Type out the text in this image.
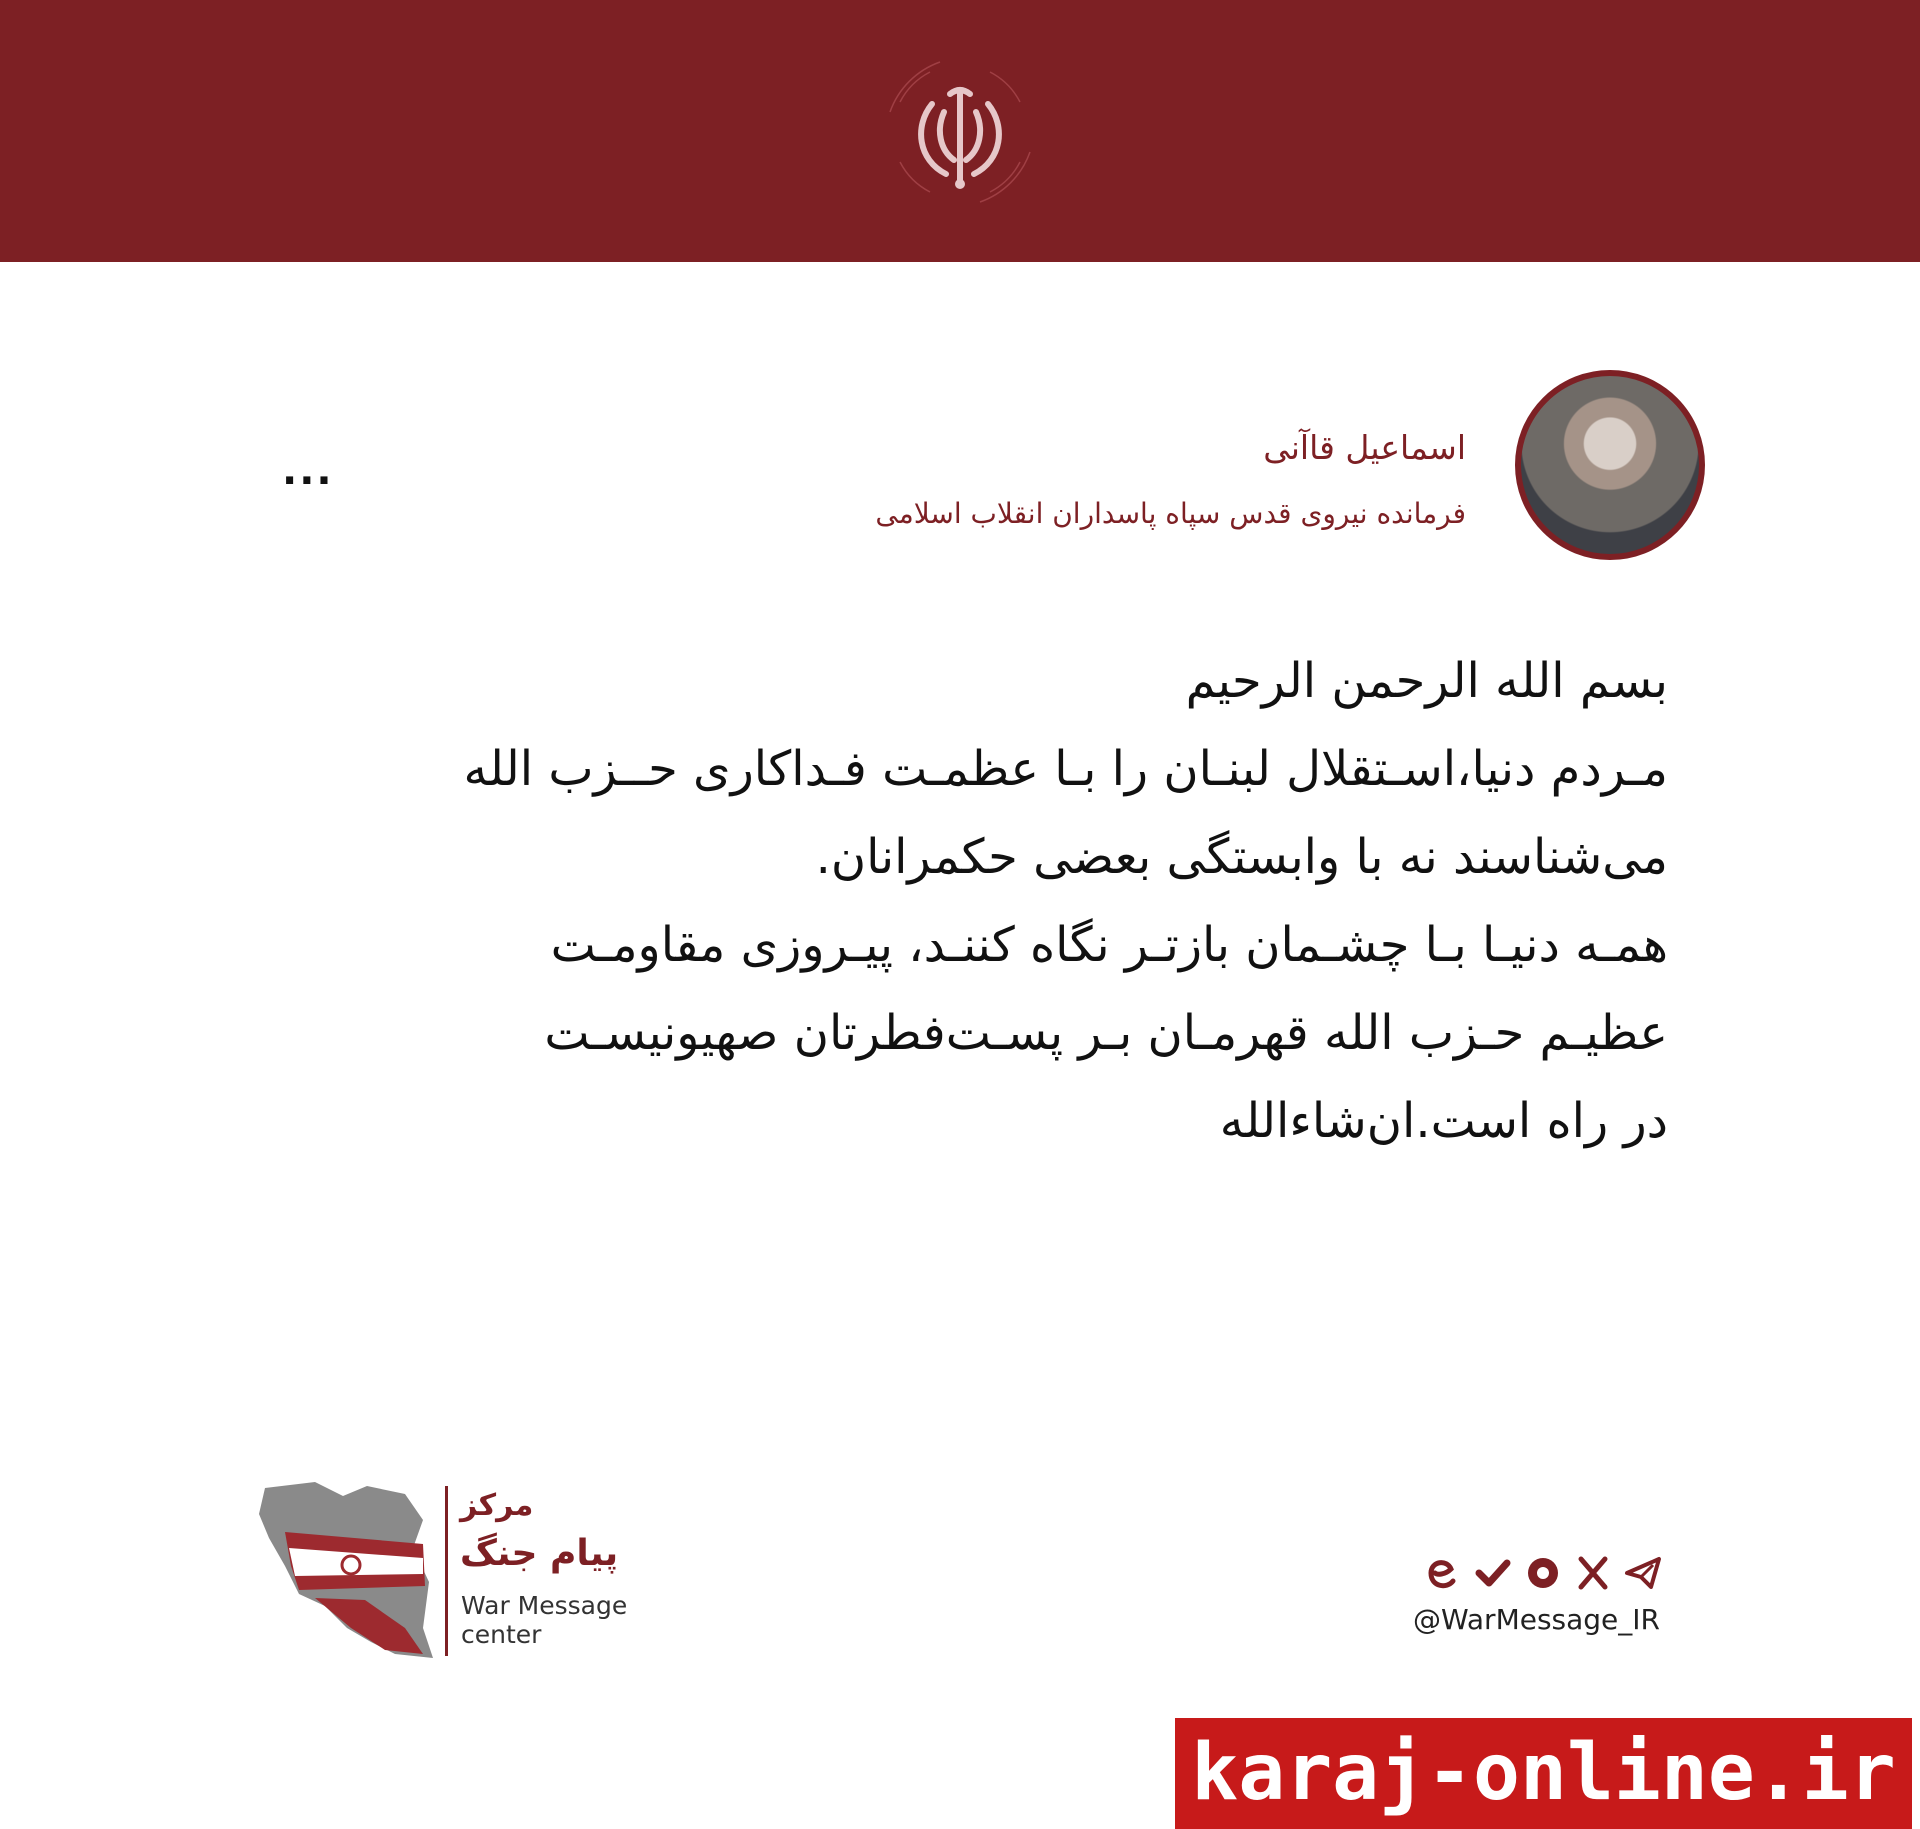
اسماعیل قاآنی
فرمانده نیروی قدس سپاه پاسداران انقلاب اسلامی
...
بسم الله الرحمن الرحیم
مـردم دنیا،اسـتقلال لبنـان را بـا عظمـت فـداکاری حــزب الله
می‌شناسند نه با وابستگی بعضی حکمرانان.
همـه دنیـا بـا چشـمان بازتـر نگاه کننـد، پیـروزی مقاومـت
عظیـم حـزب الله قهرمـان بـر پسـت‌فطرتان صهیونیسـت
در راه است.ان‌شاءالله
مرکز
پیام جنگ
War Message
center	@WarMessage_IR
karaj-online.ir
